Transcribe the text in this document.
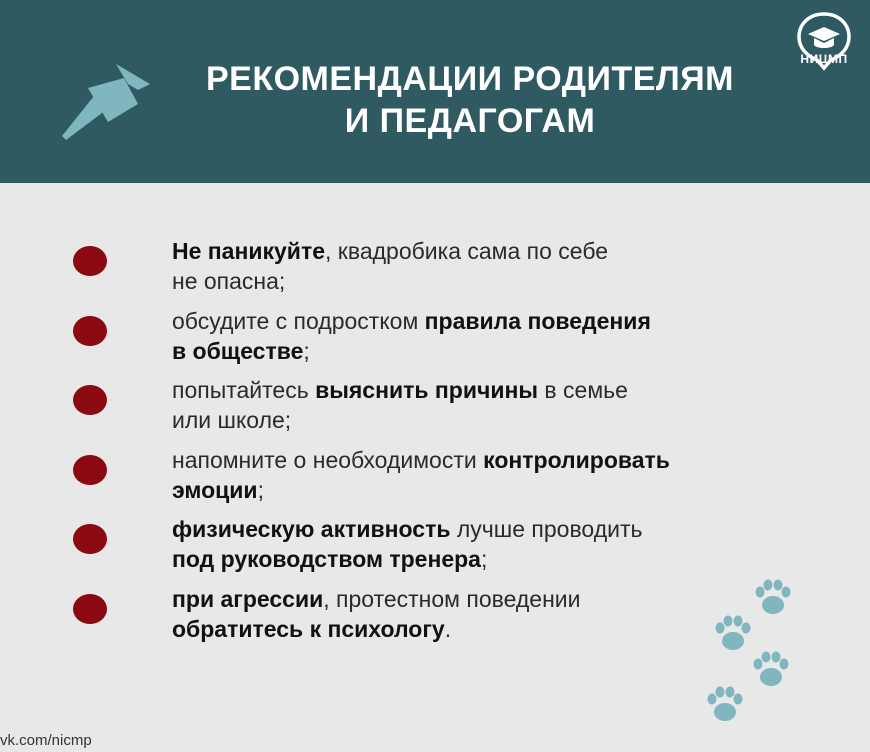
РЕКОМЕНДАЦИИ РОДИТЕЛЯМ
И ПЕДАГОГАМ
НИЦМП
Не паникуйте, квадробика сама по себе
не опасна;
обсудите с подростком правила поведения
в обществе;
попытайтесь выяснить причины в семье
или школе;
напомните о необходимости контролировать
эмоции;
физическую активность лучше проводить
под руководством тренера;
при агрессии, протестном поведении
обратитесь к психологу.
vk.com/nicmp
